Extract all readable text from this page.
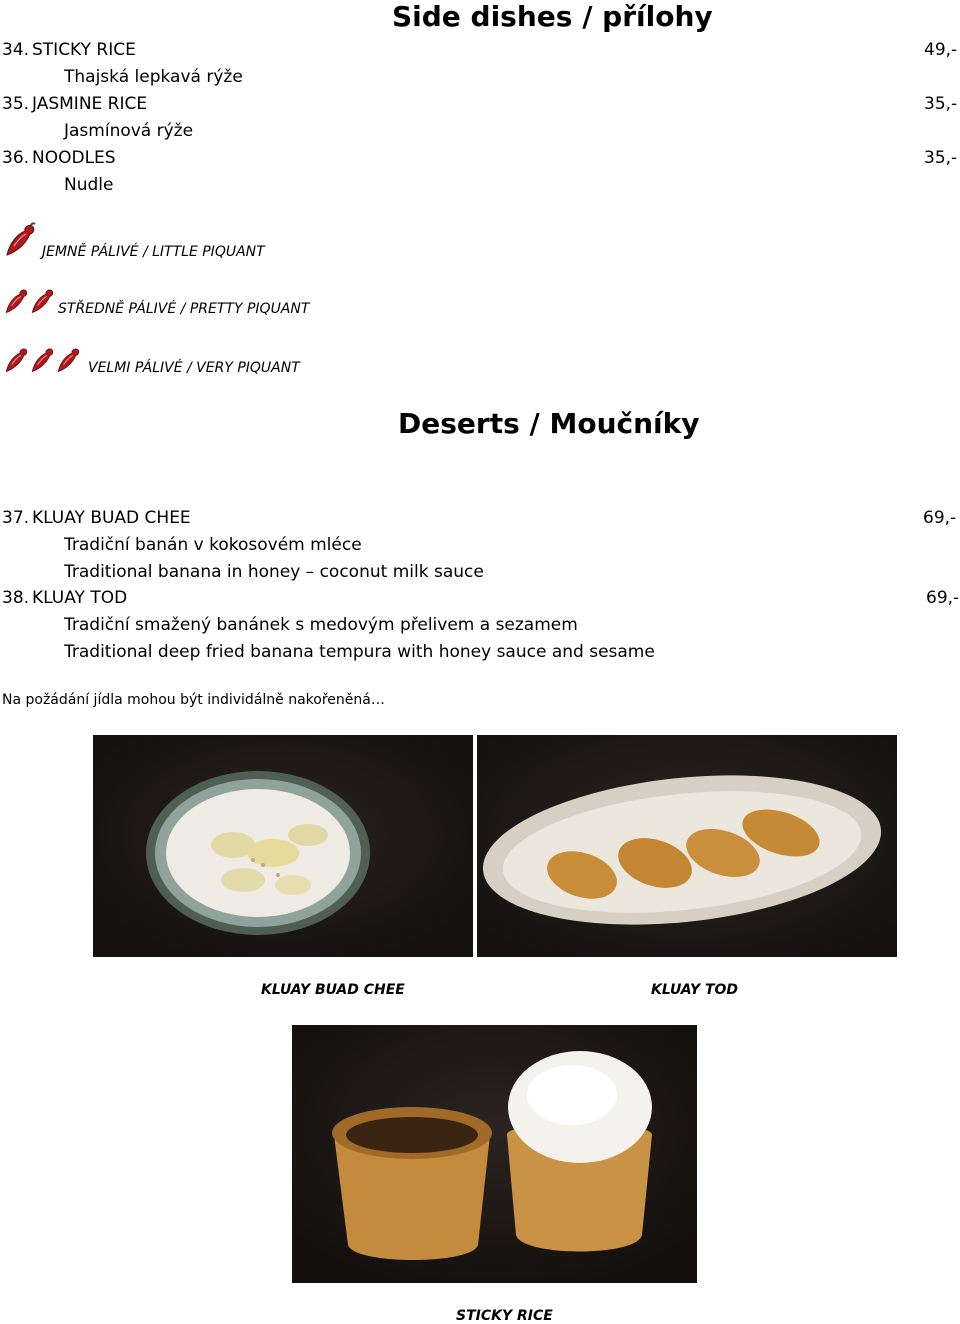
Side dishes / přílohy
34. STICKY RICE	49,-
Thajská lepkavá rýže
35. JASMINE RICE	35,-
Jasmínová rýže
36. NOODLES	35,-
Nudle
JEMNĚ PÁLIVÉ / LITTLE PIQUANT
STŘEDNĚ PÁLIVÉ / PRETTY PIQUANT
VELMI PÁLIVÉ / VERY PIQUANT
Deserts / Moučníky
37. KLUAY BUAD CHEE	69,-
Tradiční banán v kokosovém mléce
Traditional banana in honey – coconut milk sauce
38. KLUAY TOD	69,-
Tradiční smažený banánek s medovým přelivem a sezamem
Traditional deep fried banana tempura with honey sauce and sesame
Na požádání jídla mohou být individálně nakořeněná…
KLUAY BUAD CHEE	KLUAY TOD
STICKY RICE
